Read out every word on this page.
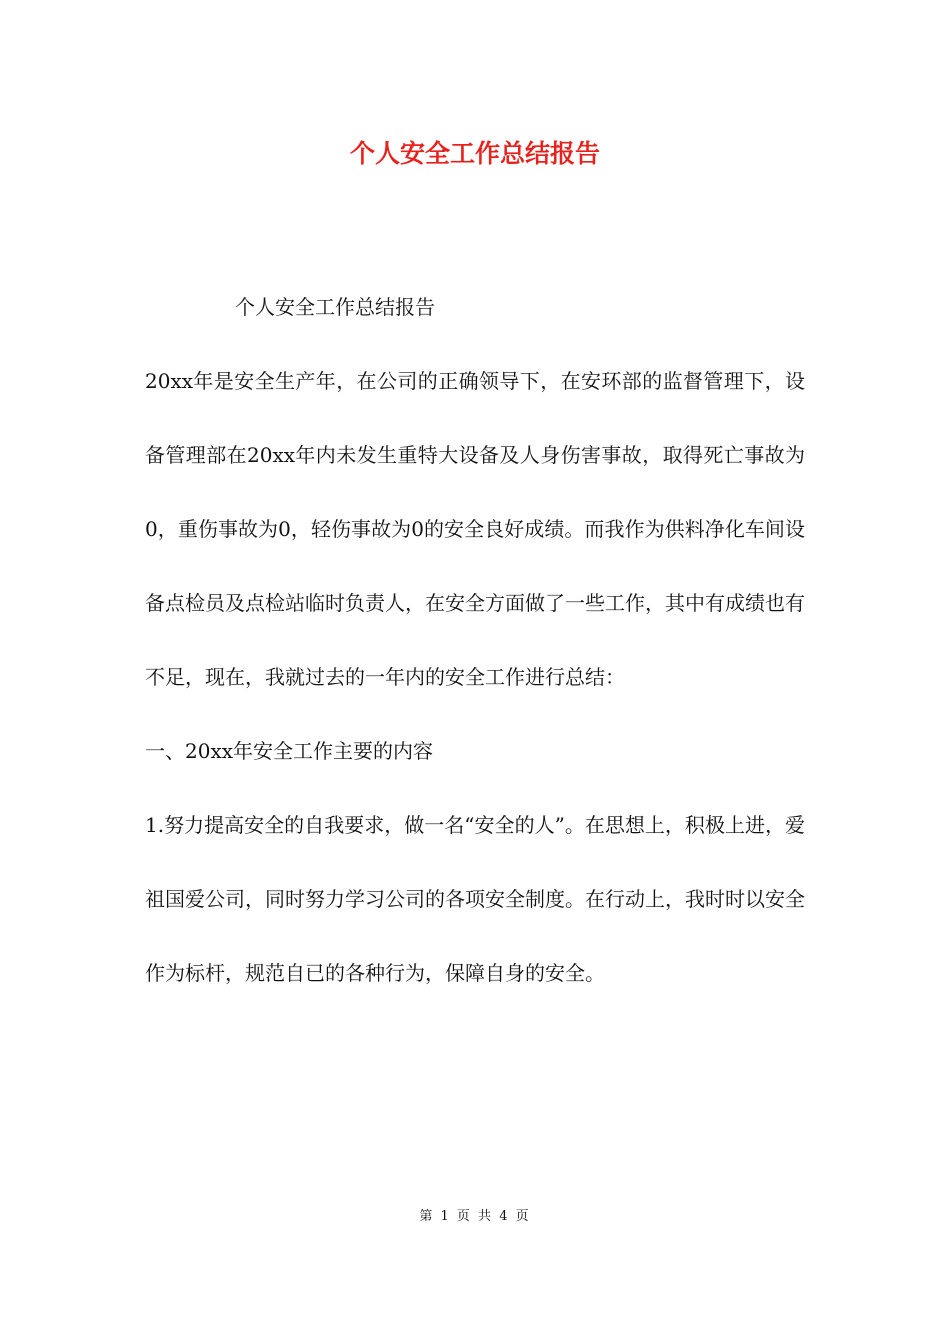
个人安全工作总结报告

个人安全工作总结报告

20xx年是安全生产年，在公司的正确领导下，在安环部的监督管理下，设备管理部在20xx年内未发生重特大设备及人身伤害事故，取得死亡事故为0，重伤事故为0，轻伤事故为0的安全良好成绩。而我作为供料净化车间设备点检员及点检站临时负责人，在安全方面做了一些工作，其中有成绩也有不足，现在，我就过去的一年内的安全工作进行总结：

一、20xx年安全工作主要的内容

1.努力提高安全的自我要求，做一名“安全的人”。在思想上，积极上进，爱祖国爱公司，同时努力学习公司的各项安全制度。在行动上，我时时以安全作为标杆，规范自已的各种行为，保障自身的安全。

第 1 页 共 4 页
